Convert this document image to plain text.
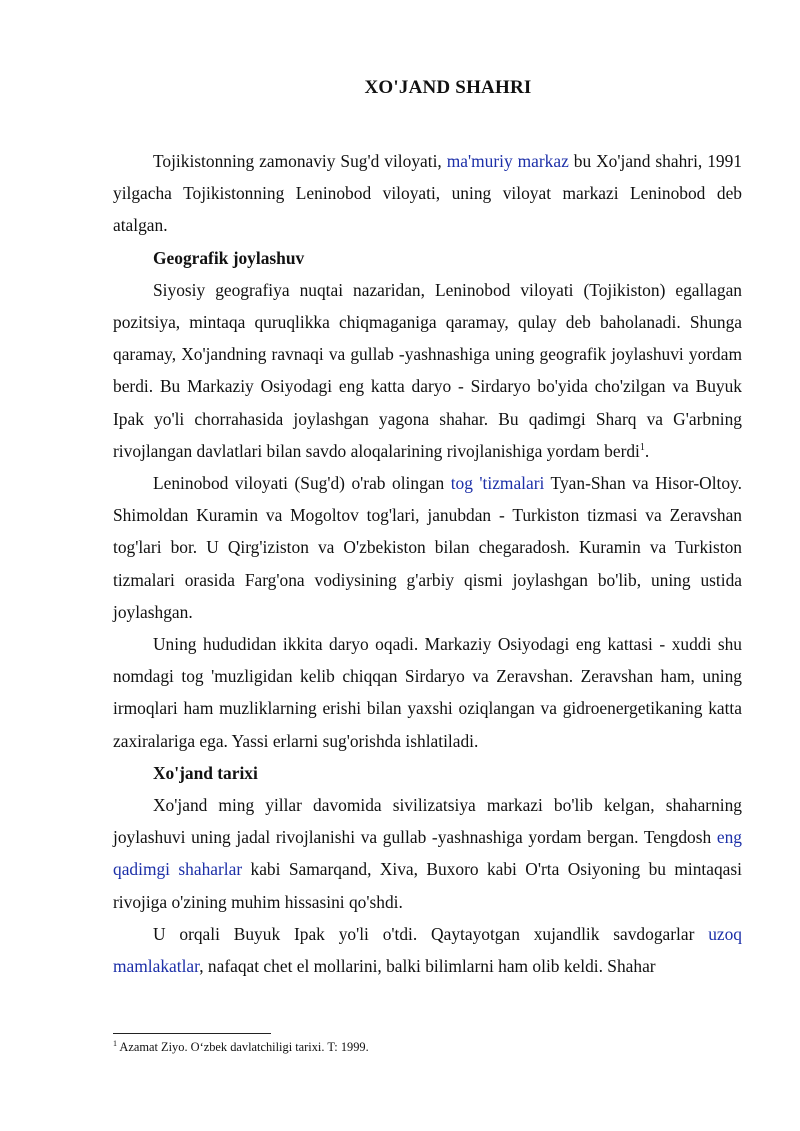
XO'JAND SHAHRI

Tojikistonning zamonaviy Sug'd viloyati, ma'muriy markaz bu Xo'jand shahri, 1991 yilgacha Tojikistonning Leninobod viloyati, uning viloyat markazi Leninobod deb atalgan.

Geografik joylashuv

Siyosiy geografiya nuqtai nazaridan, Leninobod viloyati (Tojikiston) egallagan pozitsiya, mintaqa quruqlikka chiqmaganiga qaramay, qulay deb baholanadi. Shunga qaramay, Xo'jandning ravnaqi va gullab -yashnashiga uning geografik joylashuvi yordam berdi. Bu Markaziy Osiyodagi eng katta daryo - Sirdaryo bo'yida cho'zilgan va Buyuk Ipak yo'li chorrahasida joylashgan yagona shahar. Bu qadimgi Sharq va G'arbning rivojlangan davlatlari bilan savdo aloqalarining rivojlanishiga yordam berdi$^1$.

Leninobod viloyati (Sug'd) o'rab olingan tog 'tizmalari Tyan-Shan va Hisor-Oltoy. Shimoldan Kuramin va Mogoltov tog'lari, janubdan - Turkiston tizmasi va Zeravshan tog'lari bor. U Qirg'iziston va O'zbekiston bilan chegaradosh. Kuramin va Turkiston tizmalari orasida Farg'ona vodiysining g'arbiy qismi joylashgan bo'lib, uning ustida joylashgan.

Uning hududidan ikkita daryo oqadi. Markaziy Osiyodagi eng kattasi - xuddi shu nomdagi tog 'muzligidan kelib chiqqan Sirdaryo va Zeravshan. Zeravshan ham, uning irmoqlari ham muzliklarning erishi bilan yaxshi oziqlangan va gidroenergetikaning katta zaxiralariga ega. Yassi erlarni sug'orishda ishlatiladi.

Xo'jand tarixi

Xo'jand ming yillar davomida sivilizatsiya markazi bo'lib kelgan, shaharning joylashuvi uning jadal rivojlanishi va gullab -yashnashiga yordam bergan. Tengdosh eng qadimgi shaharlar kabi Samarqand, Xiva, Buxoro kabi O'rta Osiyoning bu mintaqasi rivojiga o'zining muhim hissasini qo'shdi.

U orqali Buyuk Ipak yo'li o'tdi. Qaytayotgan xujandlik savdogarlar uzoq mamlakatlar, nafaqat chet el mollarini, balki bilimlarni ham olib keldi. Shahar

$^1$ Azamat Ziyo. O‘zbek davlatchiligi tarixi. T: 1999.
